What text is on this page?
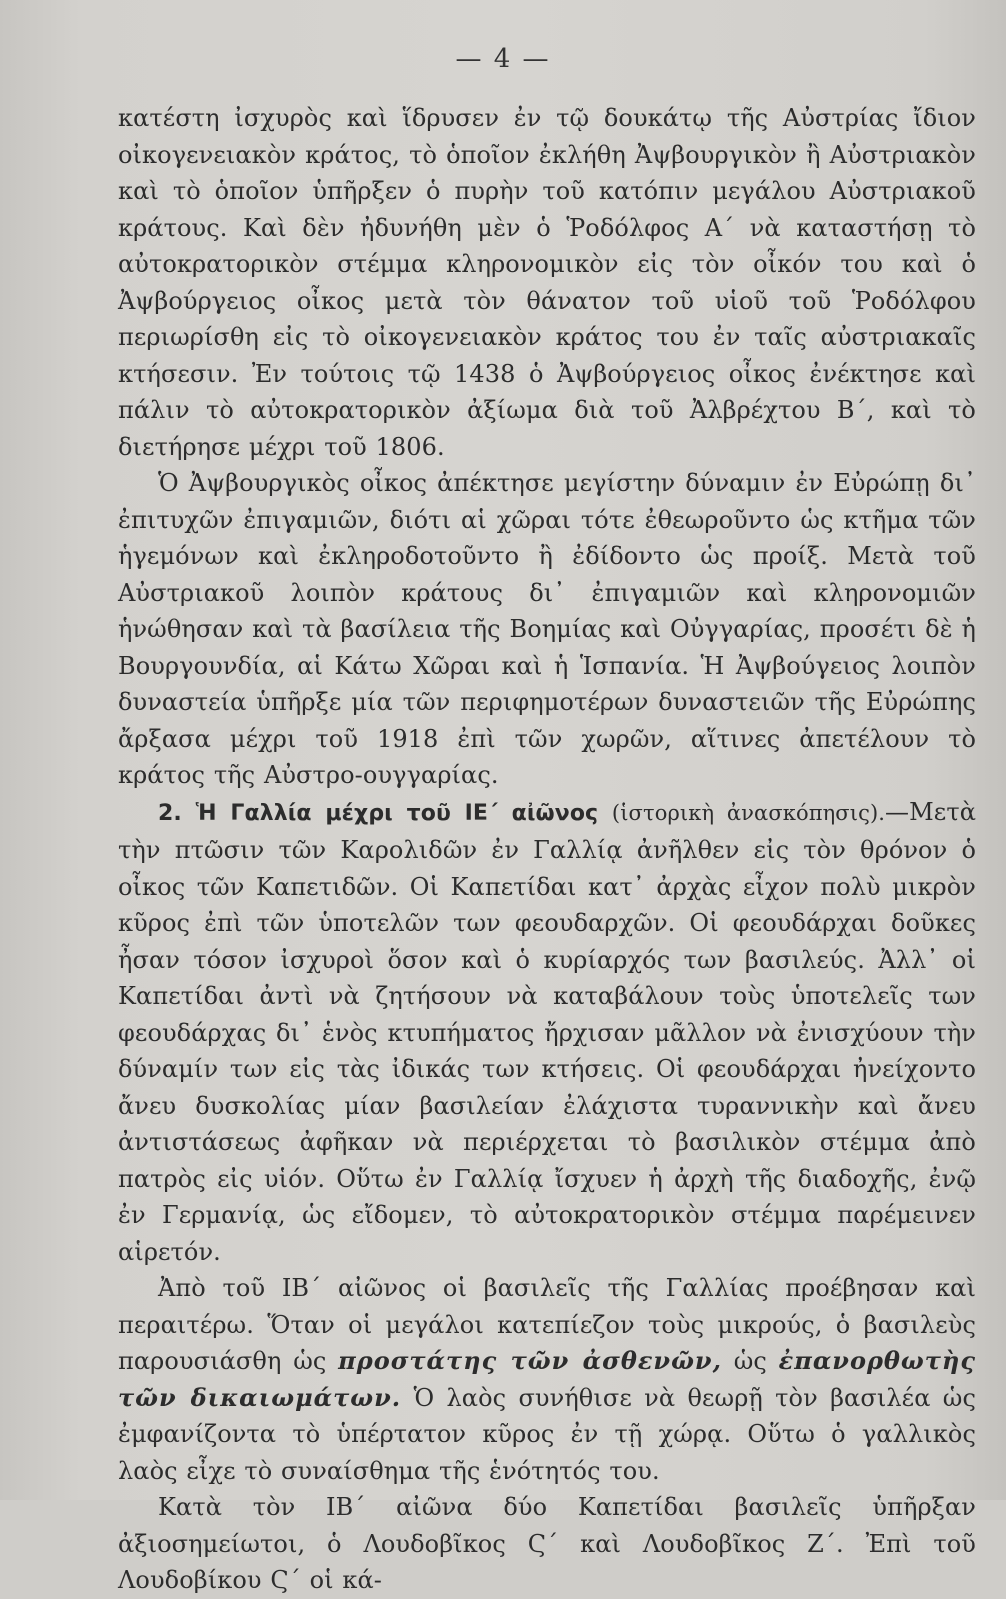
— 4 —

κατέστη ἰσχυρὸς καὶ ἵδρυσεν ἐν τῷ δουκάτῳ τῆς Αὐστρίας ἴδιον οἰκογενειακὸν κράτος, τὸ ὁποῖον ἐκλήθη Ἀψβουργικὸν ἢ Αὐστριακὸν καὶ τὸ ὁποῖον ὑπῆρξεν ὁ πυρὴν τοῦ κατόπιν μεγάλου Αὐστριακοῦ κράτους. Καὶ δὲν ἠδυνήθη μὲν ὁ Ῥοδόλφος Α΄ νὰ καταστήσῃ τὸ αὐτοκρατορικὸν στέμμα κληρονομικὸν εἰς τὸν οἶκόν του καὶ ὁ Ἀψβούργειος οἶκος μετὰ τὸν θάνατον τοῦ υἱοῦ τοῦ Ῥοδόλφου περιωρίσθη εἰς τὸ οἰκογενειακὸν κράτος του ἐν ταῖς αὐστριακαῖς κτήσεσιν. Ἐν τούτοις τῷ 1438 ὁ Ἀψβούργειος οἶκος ἐνέκτησε καὶ πάλιν τὸ αὐτοκρατορικὸν ἀξίωμα διὰ τοῦ Ἀλβρέχτου Β΄, καὶ τὸ διετήρησε μέχρι τοῦ 1806.

Ὁ Ἀψβουργικὸς οἶκος ἀπέκτησε μεγίστην δύναμιν ἐν Εὐρώπῃ δι᾽ ἐπιτυχῶν ἐπιγαμιῶν, διότι αἱ χῶραι τότε ἐθεωροῦντο ὡς κτῆμα τῶν ἡγεμόνων καὶ ἐκληροδοτοῦντο ἢ ἐδίδοντο ὡς προίξ. Μετὰ τοῦ Αὐστριακοῦ λοιπὸν κράτους δι᾽ ἐπιγαμιῶν καὶ κληρονομιῶν ἡνώθησαν καὶ τὰ βασίλεια τῆς Βοημίας καὶ Οὐγγαρίας, προσέτι δὲ ἡ Βουργουνδία, αἱ Κάτω Χῶραι καὶ ἡ Ἱσπανία. Ἡ Ἀψβούγειος λοιπὸν δυναστεία ὑπῆρξε μία τῶν περιφημοτέρων δυναστειῶν τῆς Εὐρώπης ἄρξασα μέχρι τοῦ 1918 ἐπὶ τῶν χωρῶν, αἵτινες ἀπετέλουν τὸ κράτος τῆς Αὐστρο-ουγγαρίας.

2. Ἡ Γαλλία μέχρι τοῦ ΙΕ΄ αἰῶνος (ἱστορικὴ ἀνασκόπησις).—Μετὰ τὴν πτῶσιν τῶν Καρολιδῶν ἐν Γαλλίᾳ ἀνῆλθεν εἰς τὸν θρόνον ὁ οἶκος τῶν Καπετιδῶν. Οἱ Καπετίδαι κατ᾽ ἀρχὰς εἶχον πολὺ μικρὸν κῦρος ἐπὶ τῶν ὑποτελῶν των φεουδαρχῶν. Οἱ φεουδάρχαι δοῦκες ἦσαν τόσον ἰσχυροὶ ὅσον καὶ ὁ κυρίαρχός των βασιλεύς. Ἀλλ᾽ οἱ Καπετίδαι ἀντὶ νὰ ζητήσουν νὰ καταβάλουν τοὺς ὑποτελεῖς των φεουδάρχας δι᾽ ἑνὸς κτυπήματος ἤρχισαν μᾶλλον νὰ ἐνισχύουν τὴν δύναμίν των εἰς τὰς ἰδικάς των κτήσεις. Οἱ φεουδάρχαι ἠνείχοντο ἄνευ δυσκολίας μίαν βασιλείαν ἐλάχιστα τυραννικὴν καὶ ἄνευ ἀντιστάσεως ἀφῆκαν νὰ περιέρχεται τὸ βασιλικὸν στέμμα ἀπὸ πατρὸς εἰς υἱόν. Οὕτω ἐν Γαλλίᾳ ἴσχυεν ἡ ἀρχὴ τῆς διαδοχῆς, ἐνῷ ἐν Γερμανίᾳ, ὡς εἴδομεν, τὸ αὐτοκρατορικὸν στέμμα παρέμεινεν αἱρετόν.

Ἀπὸ τοῦ ΙΒ΄ αἰῶνος οἱ βασιλεῖς τῆς Γαλλίας προέβησαν καὶ περαιτέρω. Ὅταν οἱ μεγάλοι κατεπίεζον τοὺς μικρούς, ὁ βασιλεὺς παρουσιάσθη ὡς προστάτης τῶν ἀσθενῶν, ὡς ἐπανορθωτὴς τῶν δικαιωμάτων. Ὁ λαὸς συνήθισε νὰ θεωρῇ τὸν βασιλέα ὡς ἐμφανίζοντα τὸ ὑπέρτατον κῦρος ἐν τῇ χώρᾳ. Οὕτω ὁ γαλλικὸς λαὸς εἶχε τὸ συναίσθημα τῆς ἑνότητός του.

Κατὰ τὸν ΙΒ΄ αἰῶνα δύο Καπετίδαι βασιλεῖς ὑπῆρξαν ἀξιοσημείωτοι, ὁ Λουδοβῖκος Ϛ΄ καὶ Λουδοβῖκος Ζ΄. Ἐπὶ τοῦ Λουδοβίκου Ϛ΄ οἱ κά-
